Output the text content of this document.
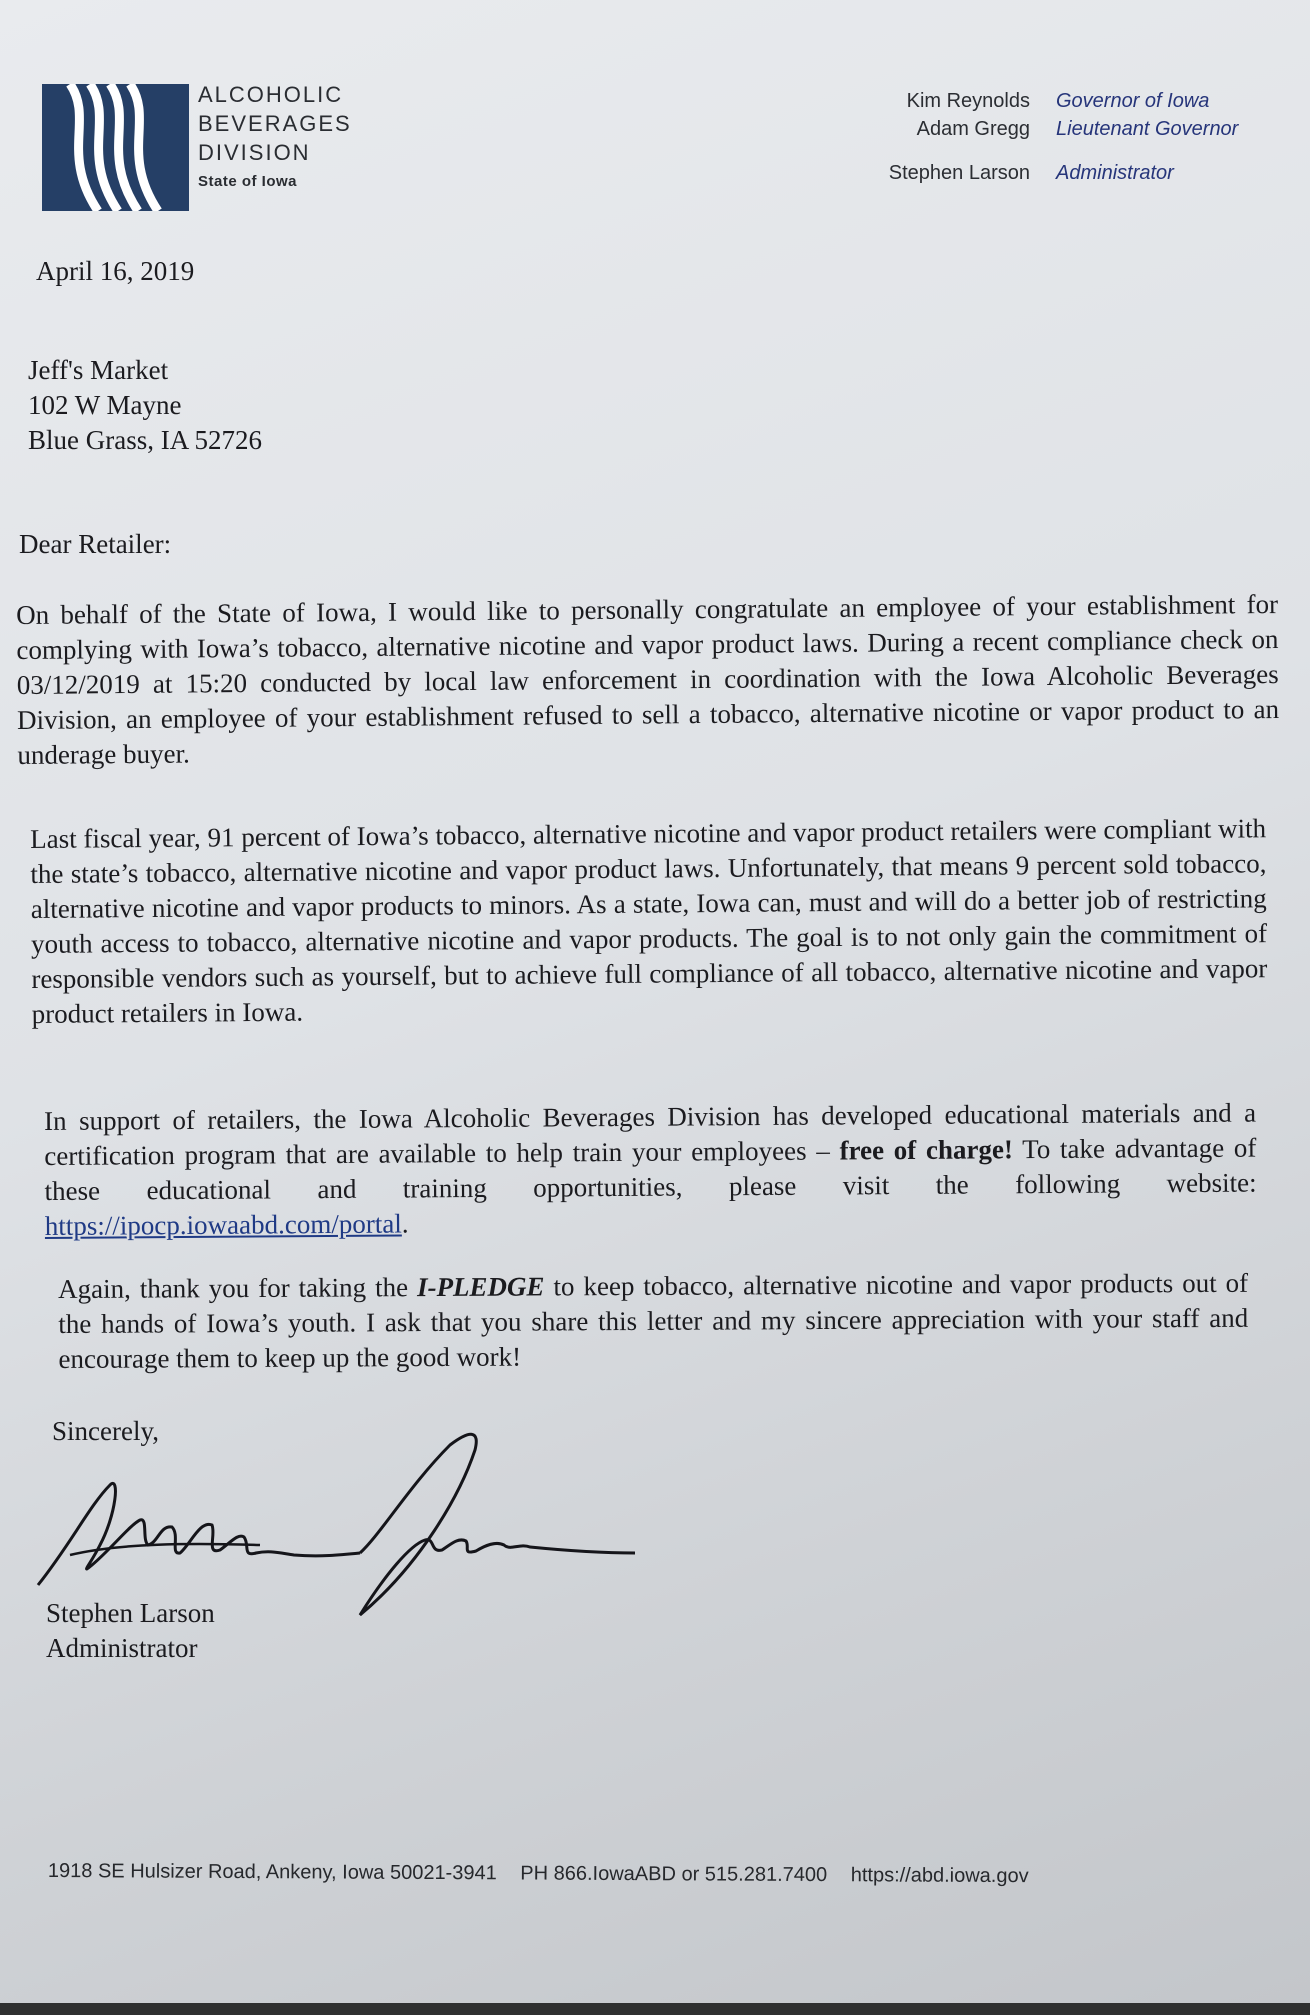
ALCOHOLIC
BEVERAGES
DIVISION
State of Iowa
Kim Reynolds Governor of Iowa
Adam Gregg Lieutenant Governor
Stephen Larson Administrator
April 16, 2019
Jeff's Market
102 W Mayne
Blue Grass, IA 52726
Dear Retailer:
On behalf of the State of Iowa, I would like to personally congratulate an employee of your establishment for complying with Iowa’s tobacco, alternative nicotine and vapor product laws. During a recent compliance check on 03/12/2019 at 15:20 conducted by local law enforcement in coordination with the Iowa Alcoholic Beverages Division, an employee of your establishment refused to sell a tobacco, alternative nicotine or vapor product to an underage buyer.
Last fiscal year, 91 percent of Iowa’s tobacco, alternative nicotine and vapor product retailers were compliant with the state’s tobacco, alternative nicotine and vapor product laws. Unfortunately, that means 9 percent sold tobacco, alternative nicotine and vapor products to minors. As a state, Iowa can, must and will do a better job of restricting youth access to tobacco, alternative nicotine and vapor products. The goal is to not only gain the commitment of responsible vendors such as yourself, but to achieve full compliance of all tobacco, alternative nicotine and vapor product retailers in Iowa.
In support of retailers, the Iowa Alcoholic Beverages Division has developed educational materials and a certification program that are available to help train your employees – free of charge! To take advantage of these educational and training opportunities, please visit the following website: https://ipocp.iowaabd.com/portal.
Again, thank you for taking the I-PLEDGE to keep tobacco, alternative nicotine and vapor products out of the hands of Iowa’s youth. I ask that you share this letter and my sincere appreciation with your staff and encourage them to keep up the good work!
Sincerely,
Stephen Larson
Administrator
1918 SE Hulsizer Road, Ankeny, Iowa 50021-3941 PH 866.IowaABD or 515.281.7400 https://abd.iowa.gov
